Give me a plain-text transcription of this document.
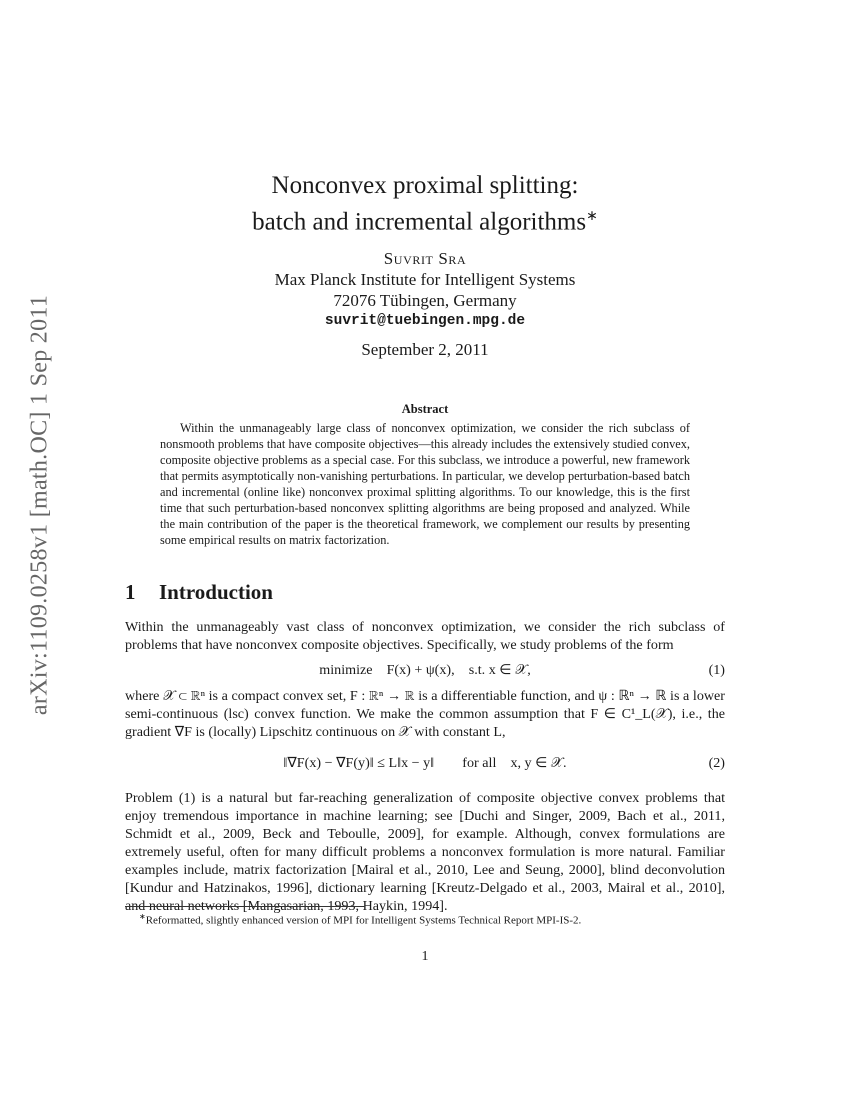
arXiv:1109.0258v1 [math.OC] 1 Sep 2011
Nonconvex proximal splitting:
batch and incremental algorithms∗
Suvrit Sra
Max Planck Institute for Intelligent Systems
72076 Tübingen, Germany
suvrit@tuebingen.mpg.de
September 2, 2011
Abstract

Within the unmanageably large class of nonconvex optimization, we consider the rich subclass of nonsmooth problems that have composite objectives—this already includes the extensively studied convex, composite objective problems as a special case. For this subclass, we introduce a powerful, new framework that permits asymptotically non-vanishing perturbations. In particular, we develop perturbation-based batch and incremental (online like) nonconvex proximal splitting algorithms. To our knowledge, this is the first time that such perturbation-based nonconvex splitting algorithms are being proposed and analyzed. While the main contribution of the paper is the theoretical framework, we complement our results by presenting some empirical results on matrix factorization.

1 Introduction

Within the unmanageably vast class of nonconvex optimization, we consider the rich subclass of problems that have nonconvex composite objectives. Specifically, we study problems of the form

minimize    F(x) + ψ(x),    s.t. x ∈ 𝒳,	(1)

where 𝒳 ⊂ ℝⁿ is a compact convex set, F : ℝⁿ → ℝ is a differentiable function, and ψ : ℝⁿ → ℝ is a lower semi-continuous (lsc) convex function. We make the common assumption that F ∈ C¹_L(𝒳), i.e., the gradient ∇F is (locally) Lipschitz continuous on 𝒳 with constant L,

‖∇F(x) − ∇F(y)‖ ≤ L‖x − y‖        for all    x, y ∈ 𝒳.	(2)

Problem (1) is a natural but far-reaching generalization of composite objective convex problems that enjoy tremendous importance in machine learning; see [Duchi and Singer, 2009, Bach et al., 2011, Schmidt et al., 2009, Beck and Teboulle, 2009], for example. Although, convex formulations are extremely useful, often for many difficult problems a nonconvex formulation is more natural. Familiar examples include, matrix factorization [Mairal et al., 2010, Lee and Seung, 2000], blind deconvolution [Kundur and Hatzinakos, 1996], dictionary learning [Kreutz-Delgado et al., 2003, Mairal et al., 2010], and neural networks [Mangasarian, 1993, Haykin, 1994].

∗Reformatted, slightly enhanced version of MPI for Intelligent Systems Technical Report MPI-IS-2.

1
